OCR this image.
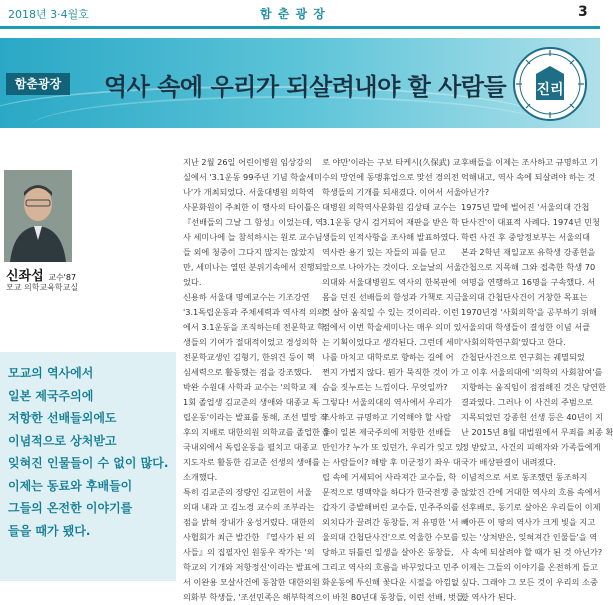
2018년 3·4월호	함 춘 광 장	3
함춘광장	역사 속에 우리가 되살려내야 할 사람들 진리
신좌섭 교수'87
모교 의학교육학교실
모교의 역사에서
일본 제국주의에
저항한 선배들외에도
이념적으로 상처받고
잊혀진 인물들이 수 없이 많다.
이제는 동료와 후배들이
그들의 온전한 이야기를
들을 때가 됐다.
지난 2월 26일 어린이병원 임상강의
실에서 '3.1운동 99주년 기념 학술세미
나'가 개최되었다. 서울대병원 의학역
사문화원이 주최한 이 행사의 타이틀은
『선배들의 그날 그 함성』이었는데, 역
사 세미나에 늘 참석하시는 원로 교수님
들 외에 청중이 그다지 많지는 않았지
만, 세미나는 열띤 분위기속에서 진행되
었다.
신용하 서울대 명예교수는 기조강연
'3.1독립운동과 주체세력과 역사적 의의'
에서 3.1운동을 조직하는데 전문학교 학
생들의 기여가 절대적이었고 경성의학
전문학교생인 김형기, 한위건 등이 핵
심세력으로 활동했는 점을 강조했다.
박완 수원대 사학과 교수는 '의학교 제
1회 졸업생 김교준의 생애와 대종교 독
립운동'이라는 발표를 통해, 조선 멸망 직
후의 지배로 대한의원 의학교를 졸업한 후
국내외에서 독립운동을 펼치고 대종교
지도자로 활동한 김교준 선생의 생애를
소개했다.
특히 김교준의 장량인 김교헌이 서울
의대 내과 고 김노경 교수의 조부라는
점을 밝혀 장내가 웅성거렸다. 대한의
사협회가 최근 발간한 『열사가 된 의
사들』의 집필자인 원동우 작가는 '의
학교의 기개와 저항정신'이라는 발표에
서 이완용 모살사건에 동참한 대한의원
의화부 학생들, '조선민족은 해부학적으
로 야만'이라는 구보 타케시(久保武) 교
수의 망언에 동맹휴업으로 맞선 경의전
학생들의 기개를 되새겼다. 이어서 서울
대병원 의학역사문화원 김상태 교수는
3.1운동 당시 검거되어 재판을 받은 학
생들의 인적사항을 조사해 발표하였다.
역사란 용기 있는 자들의 피를 딛고
앞으로 나아가는 것이다. 오늘날의 서울
의대와 서울대병원도 역사의 한복판에
몸을 던진 선배들의 함성과 가책로 지금
껏 살아 움직일 수 있는 것이리라. 이런
점에서 이번 학술세미나는 매우 의미 있
는 기획이었다고 생각된다. 그런데 세미
나를 마치고 대학로로 향하는 길에 어
쩐지 가볍지 않다. 뭔가 묵직한 것이 가
슴을 짓누르는 느낌이다. 무엇일까?
그렇다! 서울의대의 역사에서 우리가
조사하고 규명하고 기억해야 할 사람
들이 일본 제국주의에 저항한 선배들
만인가? 누가 또 있던가, 우리가 잊고 있
는 사람들이? 해방 후 미군정기 좌우 대
립 속에 거세되어 사라져간 교수들, 학
문적으로 명맥약을 하다가 한국전쟁 중
갑자기 증발해버린 교수들, 민주주의를
외치다가 끌려간 동창들, 저 유명한 '서
울의대 간첩단사건'으로 억울한 수모를
당하고 뒤틀린 일생을 살아온 동창들,
그리고 역사의 흐름을 바꾸었다고 민주
화운동에 투신해 꽃다운 시절을 아낌없
이 바친 80년대 동창들, 이런 선배, 벗들,
후배들을 이제는 조사하고 규명하고 기
억해내고, 역사 속에 되살려야 하는 것
아닌가?
1975년 말에 벌어진 '서울의대 간첩
단사건'이 대표적 사례다. 1974년 민청
학련 사건 후 중앙정보부는 서울의대
본과 2학년 재일교포 유학생 강종헌을
간첩으로 지목해 그와 접촉한 학생 70
여명을 연행하고 16명을 구속했다. 서
울의대 간첩단사건이 거창한 목표는
1970년경 '사회의학'을 공부하기 위해
서울의대 학생들이 결성한 이념 서클
'사회의학연구회'였다고 한다.
간첩단사건으로 연구회는 궤멸되었
고 이후 서울의대에 '의학의 사회참여'를
지향하는 움직임이 점점해진 것은 당연한
결과였다. 그러나 이 사건의 주범으로
지목되었던 강종헌 선생 등은 40년이 지
난 2015년 8월 대법원에서 무죄를 최종 확
정 받았고, 사건의 피해자와 가족들에게
국가 배상판결이 내려졌다.
이념적으로 서로 동조했던 동조하지
않았건 간에 거대한 역사의 흐름 속에서
선후배로, 동기로 살아온 우리들이 이제
빼아픈 이 땅의 역사가 크게 빛을 지고
있는 '상처받은, 잊혀져간 인물들'을 역
사 속에 되살려야 할 때가 된 것 아닌가?
이제는 그들의 이야기를 온전하게 들고
싶다. 그래야 그 모든 것이 우리의 소중
한 역사가 된다.
